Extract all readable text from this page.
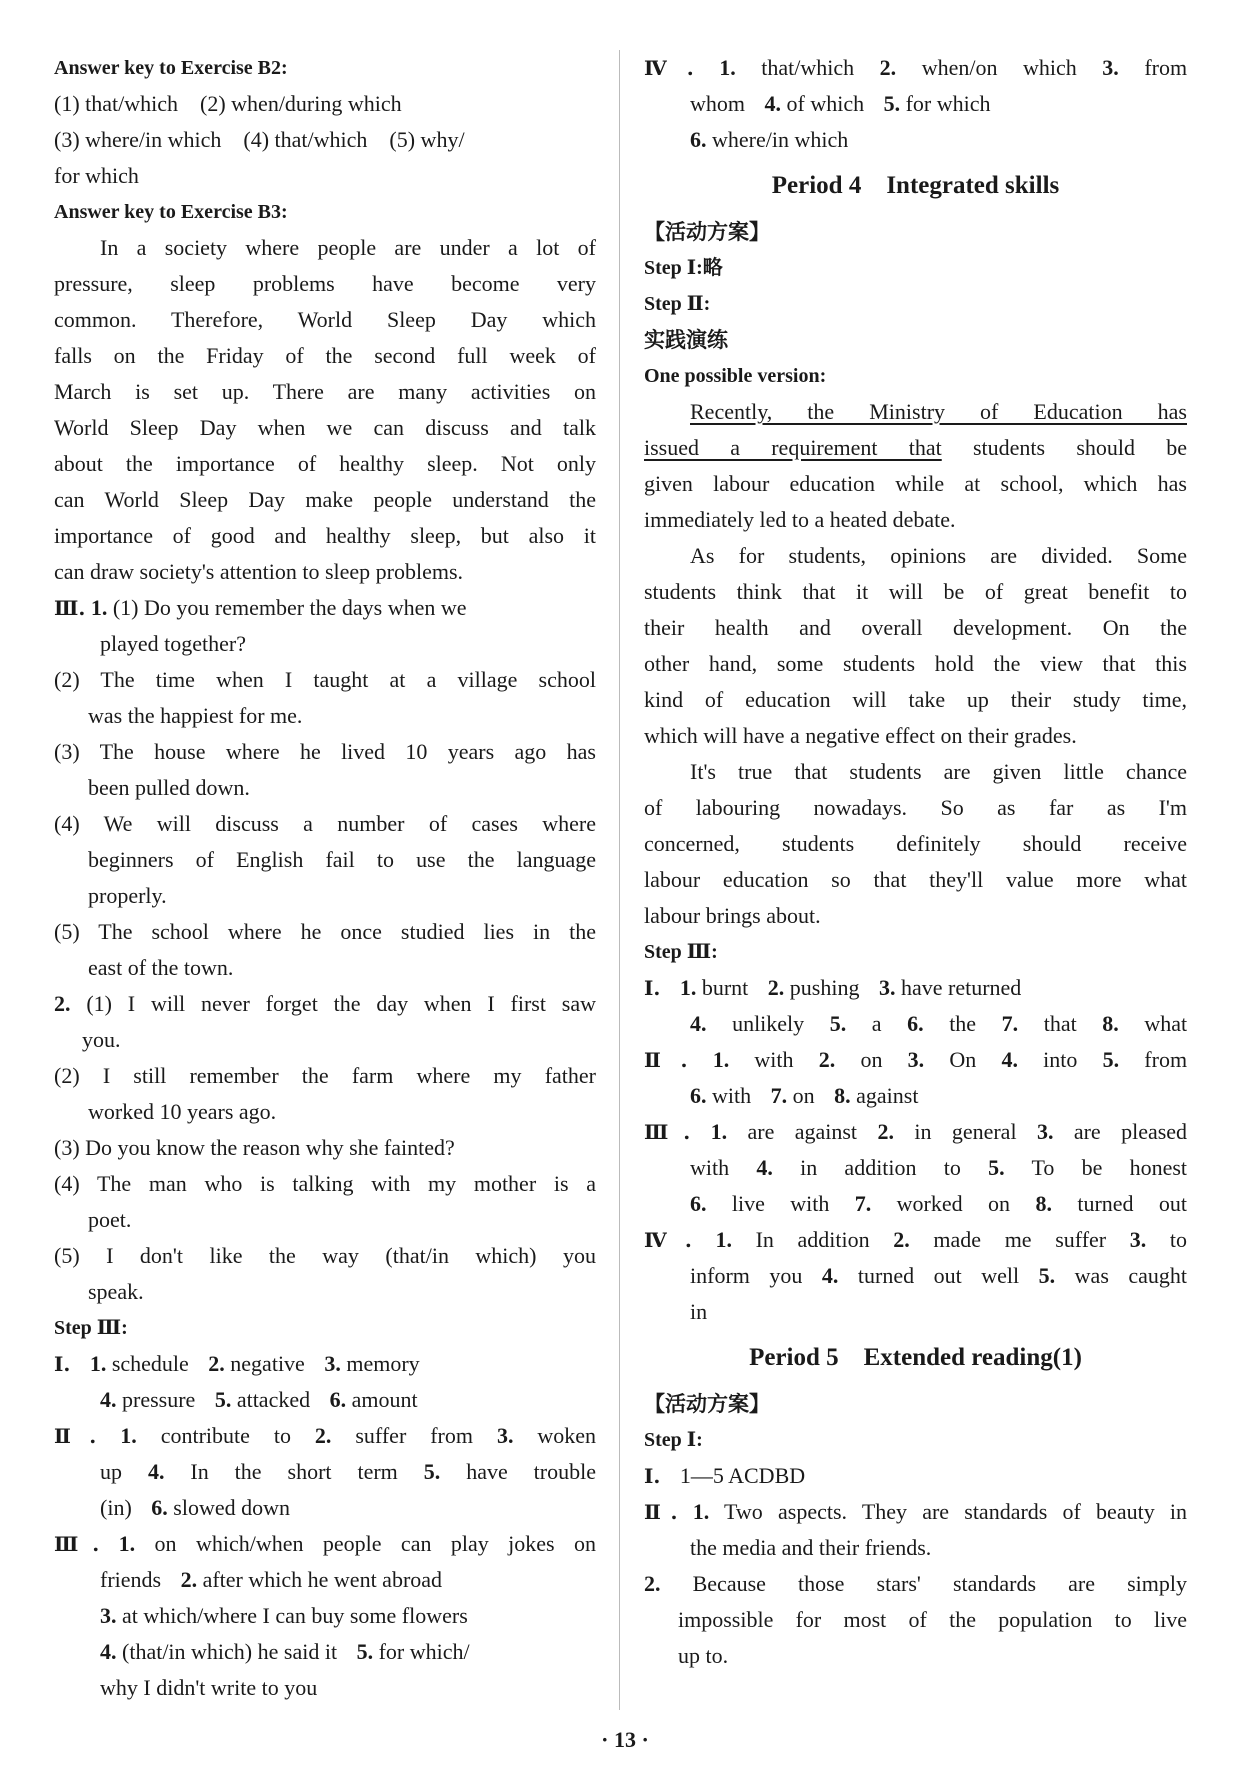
Answer key to Exercise B2:
(1) that/which　(2) when/during which
(3) where/in which　(4) that/which　(5) why/
for which
Answer key to Exercise B3:
In a society where people are under a lot of
pressure, sleep problems have become very
common. Therefore, World Sleep Day which
falls on the Friday of the second full week of
March is set up. There are many activities on
World Sleep Day when we can discuss and talk
about the importance of healthy sleep. Not only
can World Sleep Day make people understand the
importance of good and healthy sleep, but also it
can draw society's attention to sleep problems.
Ⅲ. 1. (1) Do you remember the days when we
played together?
(2) The time when I taught at a village school
was the happiest for me.
(3) The house where he lived 10 years ago has
been pulled down.
(4) We will discuss a number of cases where
beginners of English fail to use the language
properly.
(5) The school where he once studied lies in the
east of the town.
2. (1) I will never forget the day when I first saw
you.
(2) I still remember the farm where my father
worked 10 years ago.
(3) Do you know the reason why she fainted?
(4) The man who is talking with my mother is a
poet.
(5) I don't like the way (that/in which) you
speak.
Step Ⅲ:
Ⅰ. 1. schedule 2. negative 3. memory
4. pressure 5. attacked 6. amount
Ⅱ. 1. contribute to 2. suffer from 3. woken
up 4. In the short term 5. have trouble
(in) 6. slowed down
Ⅲ. 1. on which/when people can play jokes on
friends 2. after which he went abroad
3. at which/where I can buy some flowers
4. (that/in which) he said it 5. for which/
why I didn't write to you
Ⅳ. 1. that/which 2. when/on which 3. from
whom 4. of which 5. for which
6. where/in which
Period 4　Integrated skills
【活动方案】
Step Ⅰ:略
Step Ⅱ:
实践演练
One possible version:
Recently, the Ministry of Education has
issued a requirement that students should be
given labour education while at school, which has
immediately led to a heated debate.
As for students, opinions are divided. Some
students think that it will be of great benefit to
their health and overall development. On the
other hand, some students hold the view that this
kind of education will take up their study time,
which will have a negative effect on their grades.
It's true that students are given little chance
of labouring nowadays. So as far as I'm
concerned, students definitely should receive
labour education so that they'll value more what
labour brings about.
Step Ⅲ:
Ⅰ. 1. burnt 2. pushing 3. have returned
4. unlikely 5. a 6. the 7. that 8. what
Ⅱ. 1. with 2. on 3. On 4. into 5. from
6. with 7. on 8. against
Ⅲ. 1. are against 2. in general 3. are pleased
with 4. in addition to 5. To be honest
6. live with 7. worked on 8. turned out
Ⅳ. 1. In addition 2. made me suffer 3. to
inform you 4. turned out well 5. was caught
in
Period 5　Extended reading(1)
【活动方案】
Step Ⅰ:
Ⅰ. 1—5 ACDBD
Ⅱ. 1. Two aspects. They are standards of beauty in
the media and their friends.
2. Because those stars' standards are simply
impossible for most of the population to live
up to.
· 13 ·
